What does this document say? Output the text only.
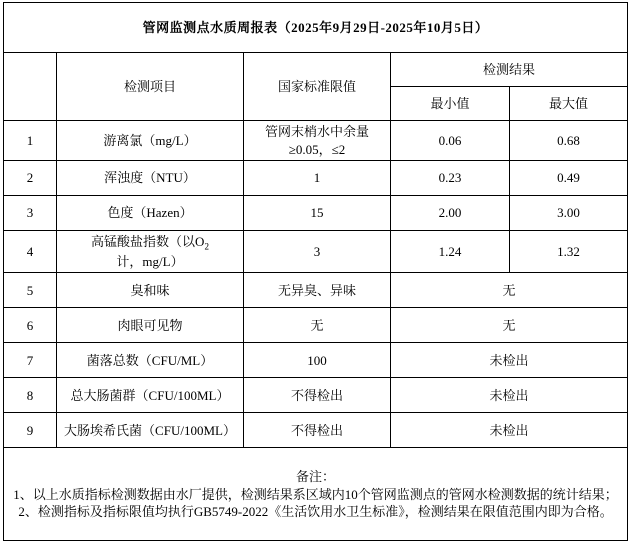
管网监测点水质周报表（2025年9月29日-2025年10月5日）				
	检测项目	国家标准限值	检测结果	
			最小值	最大值
1	游离氯（mg/L）	管网末梢水中余量≥0.05，≤2	0.06	0.68
2	浑浊度（NTU）	1	0.23	0.49
3	色度（Hazen）	15	2.00	3.00
4	高锰酸盐指数（以$O_2$计，mg/L）	3	1.24	1.32
5	臭和味	无异臭、异味	无	
6	肉眼可见物	无	无	
7	菌落总数（CFU/ML）	100	未检出	
8	总大肠菌群（CFU/100ML）	不得检出	未检出	
9	大肠埃希氏菌（CFU/100ML）	不得检出	未检出	

备注：
1、以上水质指标检测数据由水厂提供，检测结果系区域内10个管网监测点的管网水检测数据的统计结果；
2、检测指标及指标限值均执行GB5749-2022《生活饮用水卫生标准》，检测结果在限值范围内即为合格。				
